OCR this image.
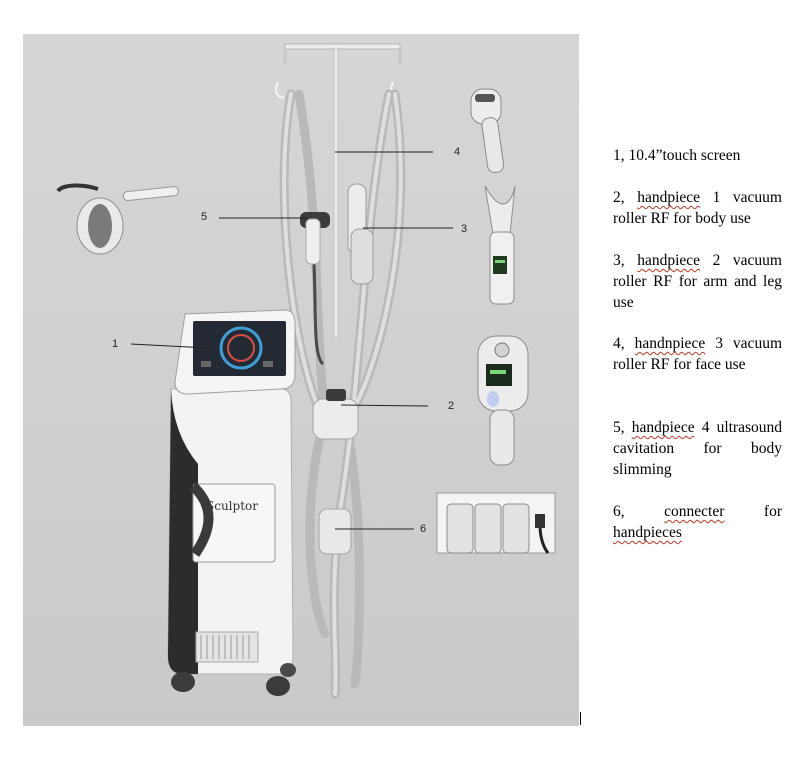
Sculptor
1
2
3
4
5
6
1, 10.4”touch screen
2, handpiece 1 vacuum roller RF for body use
3, handpiece 2 vacuum roller RF for arm and leg use
4, handnpiece 3 vacuum roller RF for face use
5, handpiece 4 ultrasound cavitation for body slimming
6, connecter for handpieces
